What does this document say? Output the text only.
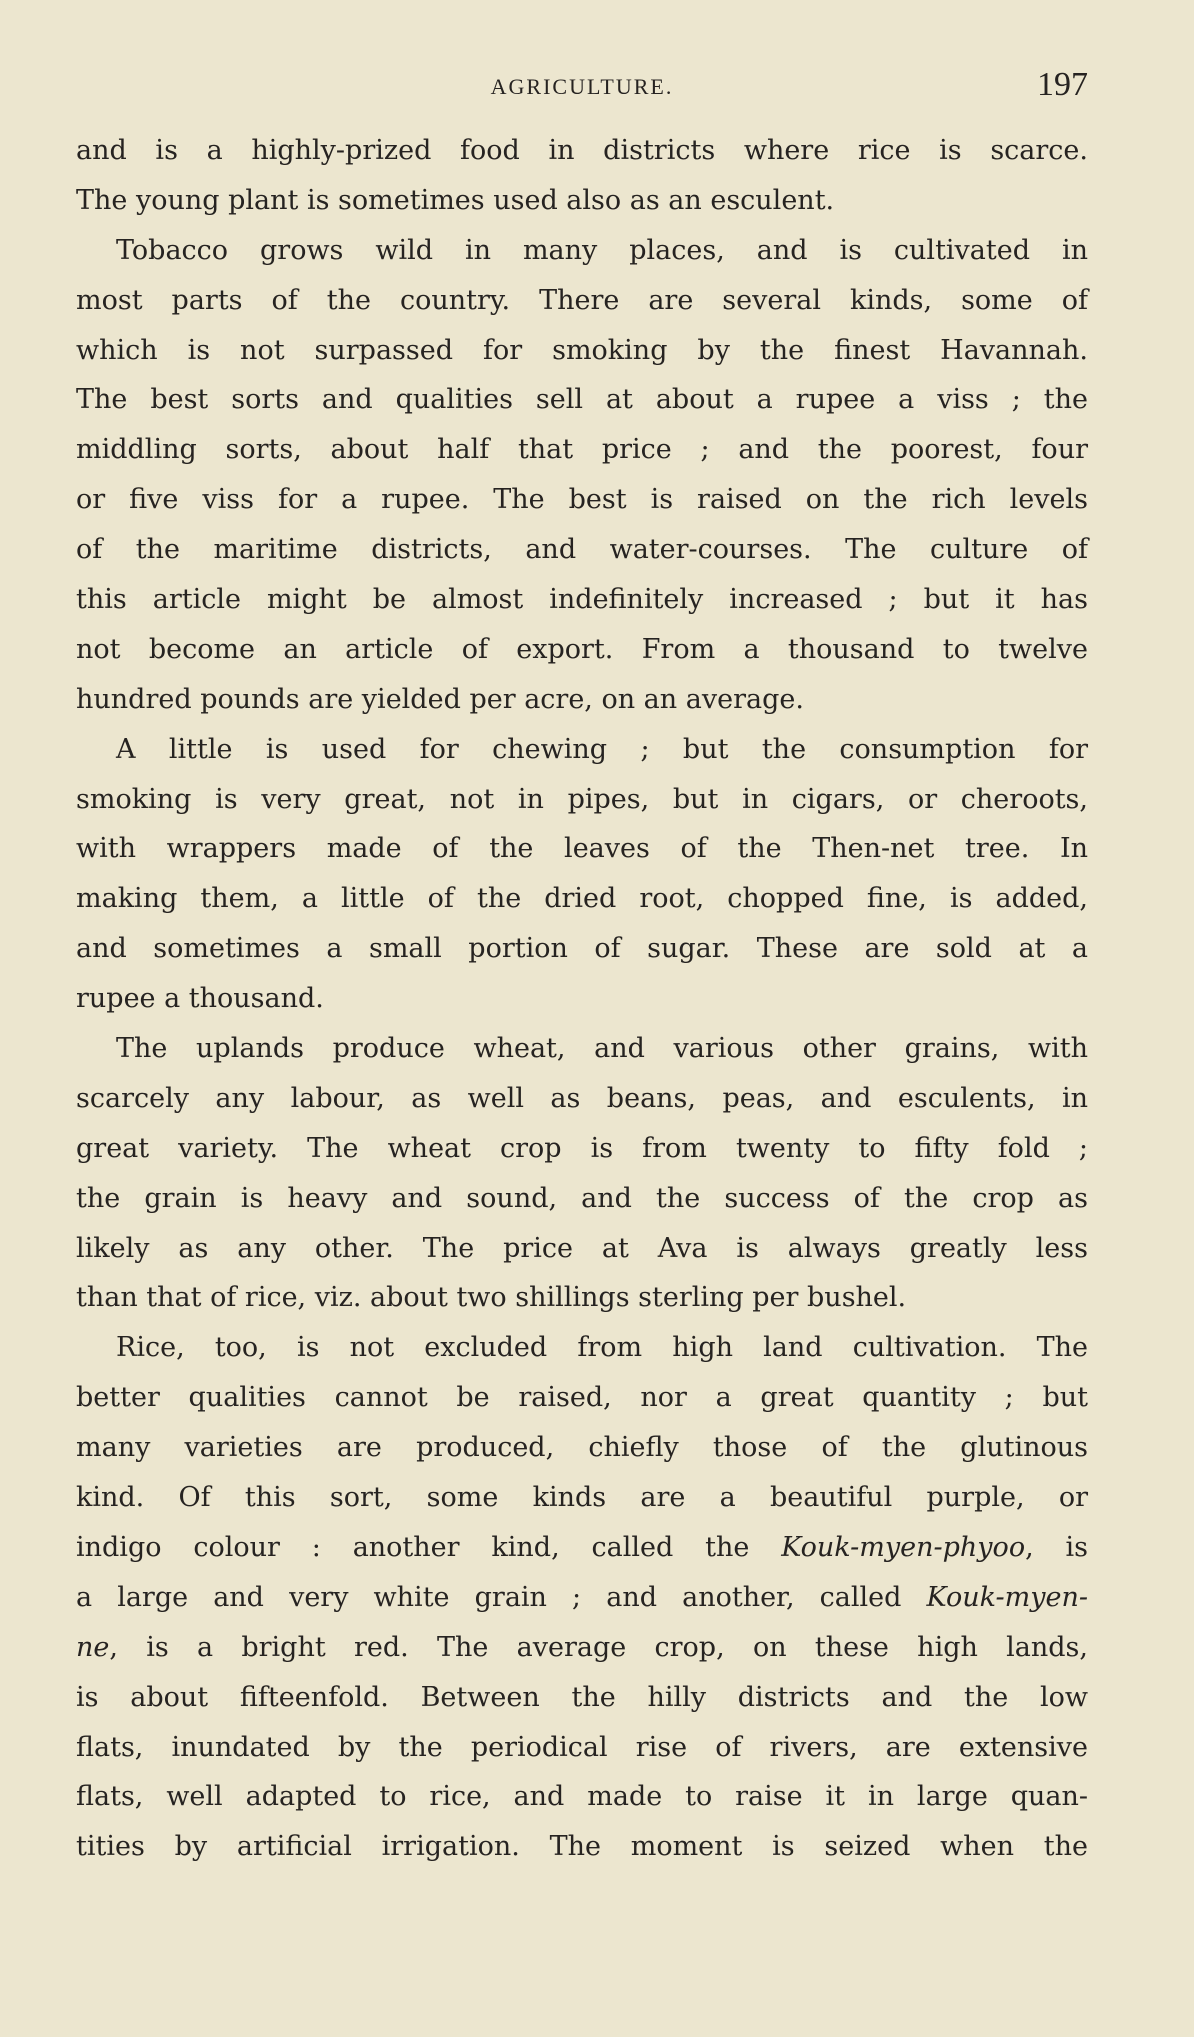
AGRICULTURE.	197
and is a highly-prized food in districts where rice is scarce.
The young plant is sometimes used also as an esculent.
Tobacco grows wild in many places, and is cultivated in
most parts of the country. There are several kinds, some of
which is not surpassed for smoking by the finest Havannah.
The best sorts and qualities sell at about a rupee a viss ; the
middling sorts, about half that price ; and the poorest, four
or five viss for a rupee. The best is raised on the rich levels
of the maritime districts, and water-courses. The culture of
this article might be almost indefinitely increased ; but it has
not become an article of export. From a thousand to twelve
hundred pounds are yielded per acre, on an average.
A little is used for chewing ; but the consumption for
smoking is very great, not in pipes, but in cigars, or cheroots,
with wrappers made of the leaves of the Then-net tree. In
making them, a little of the dried root, chopped fine, is added,
and sometimes a small portion of sugar. These are sold at a
rupee a thousand.
The uplands produce wheat, and various other grains, with
scarcely any labour, as well as beans, peas, and esculents, in
great variety. The wheat crop is from twenty to fifty fold ;
the grain is heavy and sound, and the success of the crop as
likely as any other. The price at Ava is always greatly less
than that of rice, viz. about two shillings sterling per bushel.
Rice, too, is not excluded from high land cultivation. The
better qualities cannot be raised, nor a great quantity ; but
many varieties are produced, chiefly those of the glutinous
kind. Of this sort, some kinds are a beautiful purple, or
indigo colour : another kind, called the Kouk-myen-phyoo, is
a large and very white grain ; and another, called Kouk-myen-
ne, is a bright red. The average crop, on these high lands,
is about fifteenfold. Between the hilly districts and the low
flats, inundated by the periodical rise of rivers, are extensive
flats, well adapted to rice, and made to raise it in large quan-
tities by artificial irrigation. The moment is seized when the
